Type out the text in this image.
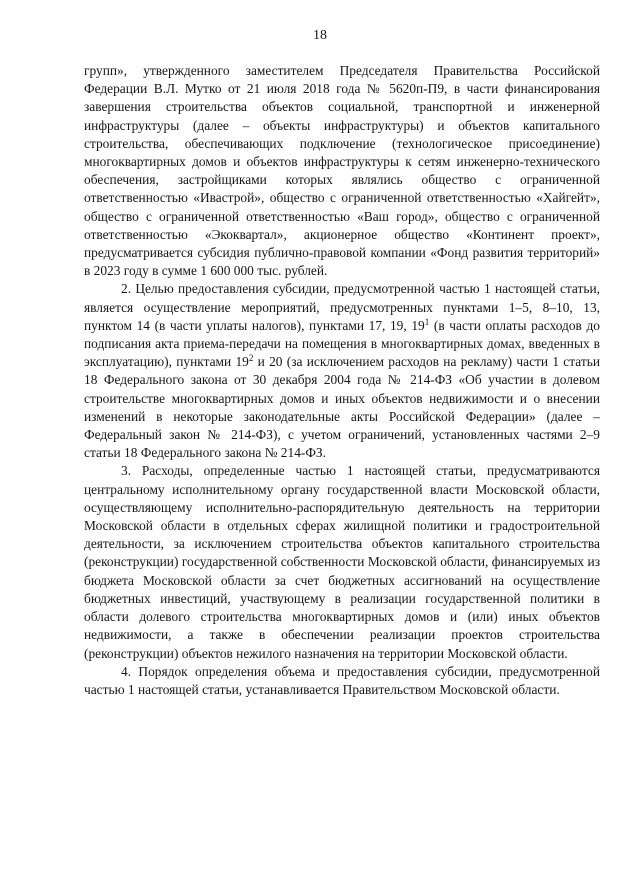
18

групп», утвержденного заместителем Председателя Правительства Российской Федерации В.Л. Мутко от 21 июля 2018 года № 5620п-П9, в части финансирования завершения строительства объектов социальной, транспортной и инженерной инфраструктуры (далее – объекты инфраструктуры) и объектов капитального строительства, обеспечивающих подключение (технологическое присоединение) многоквартирных домов и объектов инфраструктуры к сетям инженерно-технического обеспечения, застройщиками которых являлись общество с ограниченной ответственностью «Ивастрой», общество с ограниченной ответственностью «Хайгейт», общество с ограниченной ответственностью «Ваш город», общество с ограниченной ответственностью «Экоквартал», акционерное общество «Континент проект», предусматривается субсидия публично-правовой компании «Фонд развития территорий» в 2023 году в сумме 1 600 000 тыс. рублей.

2. Целью предоставления субсидии, предусмотренной частью 1 настоящей статьи, является осуществление мероприятий, предусмотренных пунктами 1–5, 8–10, 13, пунктом 14 (в части уплаты налогов), пунктами 17, 19, $19^1$ (в части оплаты расходов до подписания акта приема-передачи на помещения в многоквартирных домах, введенных в эксплуатацию), пунктами $19^2$ и 20 (за исключением расходов на рекламу) части 1 статьи 18 Федерального закона от 30 декабря 2004 года № 214-ФЗ «Об участии в долевом строительстве многоквартирных домов и иных объектов недвижимости и о внесении изменений в некоторые законодательные акты Российской Федерации» (далее – Федеральный закон № 214-ФЗ), с учетом ограничений, установленных частями 2–9 статьи 18 Федерального закона № 214-ФЗ.

3. Расходы, определенные частью 1 настоящей статьи, предусматриваются центральному исполнительному органу государственной власти Московской области, осуществляющему исполнительно-распорядительную деятельность на территории Московской области в отдельных сферах жилищной политики и градостроительной деятельности, за исключением строительства объектов капитального строительства (реконструкции) государственной собственности Московской области, финансируемых из бюджета Московской области за счет бюджетных ассигнований на осуществление бюджетных инвестиций, участвующему в реализации государственной политики в области долевого строительства многоквартирных домов и (или) иных объектов недвижимости, а также в обеспечении реализации проектов строительства (реконструкции) объектов нежилого назначения на территории Московской области.

4. Порядок определения объема и предоставления субсидии, предусмотренной частью 1 настоящей статьи, устанавливается Правительством Московской области.
